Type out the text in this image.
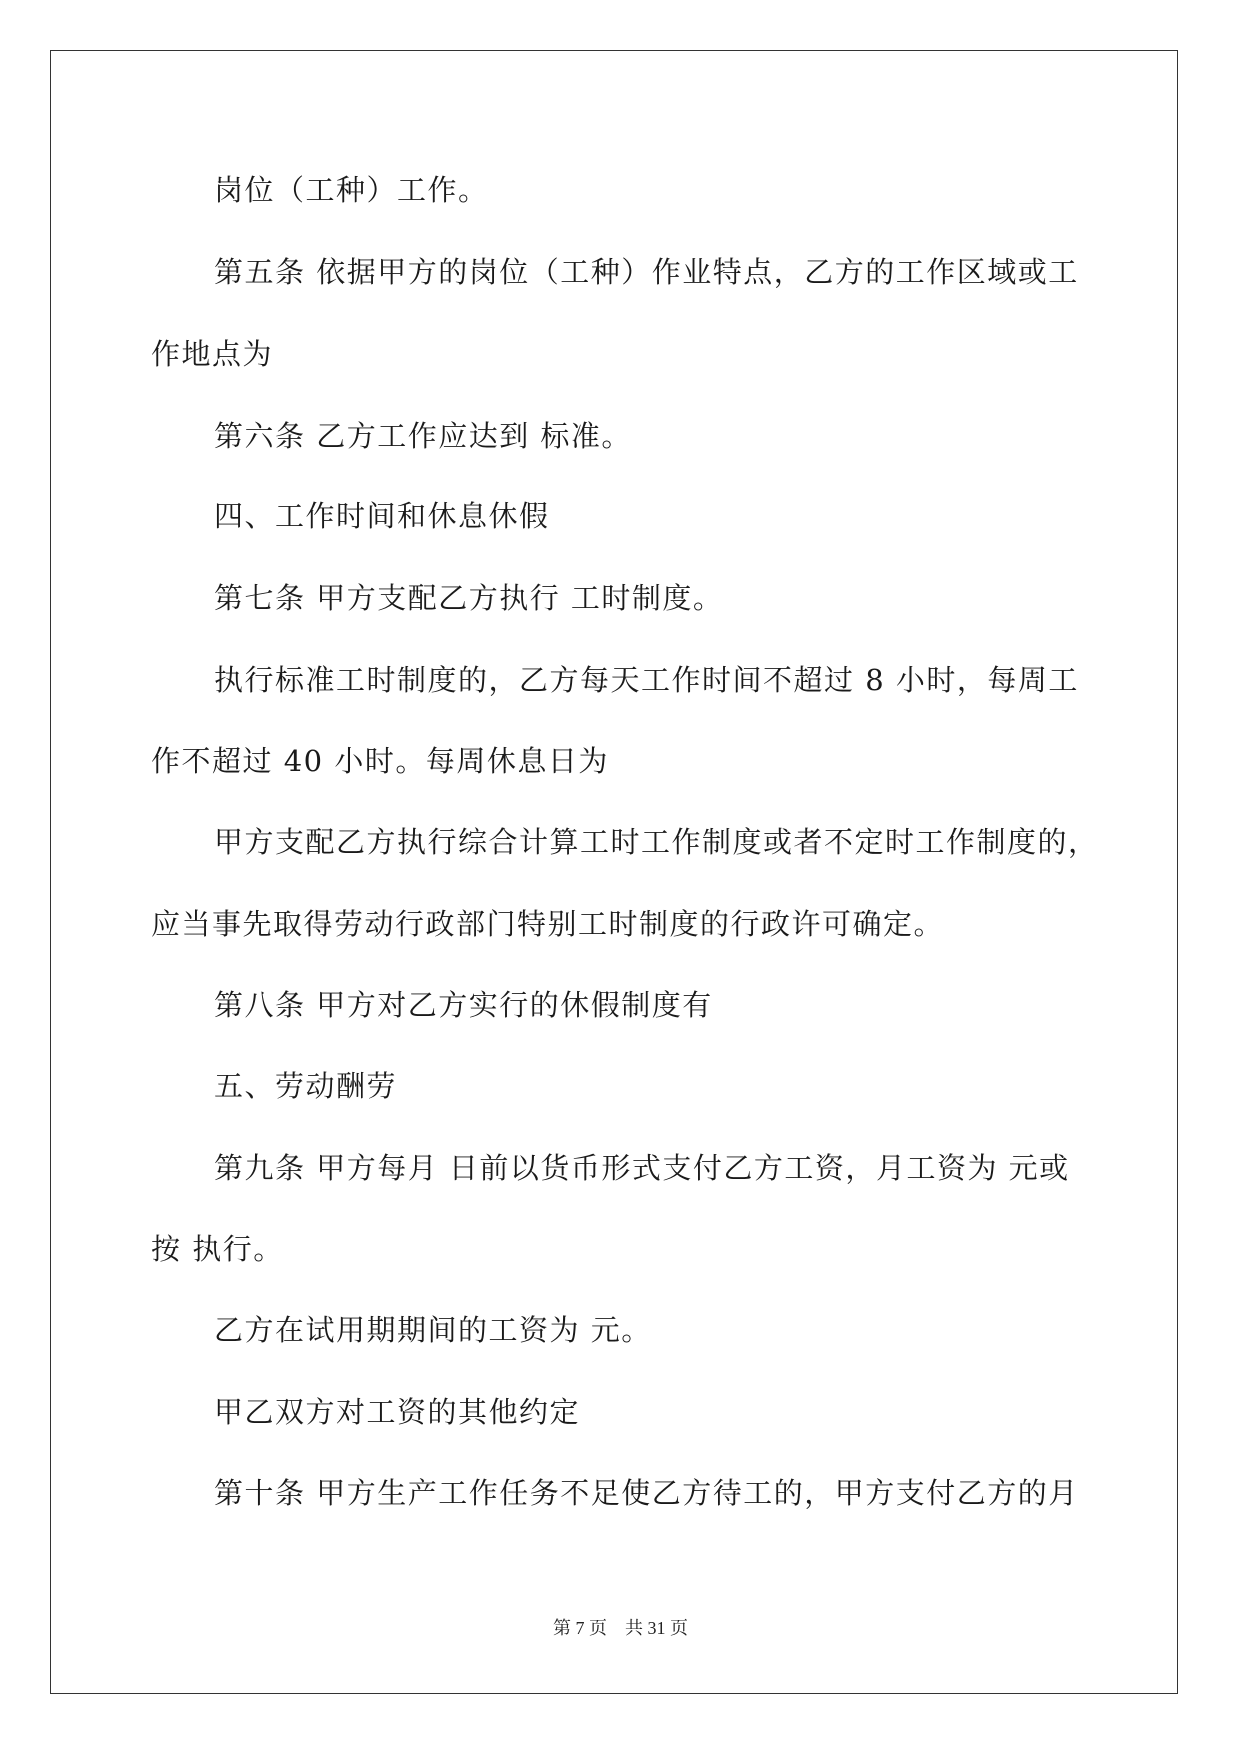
岗位（工种）工作。

第五条 依据甲方的岗位（工种）作业特点，乙方的工作区域或工

作地点为

第六条 乙方工作应达到 标准。

四、工作时间和休息休假

第七条 甲方支配乙方执行 工时制度。

执行标准工时制度的，乙方每天工作时间不超过 8 小时，每周工

作不超过 40 小时。每周休息日为

甲方支配乙方执行综合计算工时工作制度或者不定时工作制度的，

应当事先取得劳动行政部门特别工时制度的行政许可确定。

第八条 甲方对乙方实行的休假制度有

五、劳动酬劳

第九条 甲方每月 日前以货币形式支付乙方工资，月工资为 元或

按 执行。

乙方在试用期期间的工资为 元。

甲乙双方对工资的其他约定

第十条 甲方生产工作任务不足使乙方待工的，甲方支付乙方的月

第 7 页 共 31 页
